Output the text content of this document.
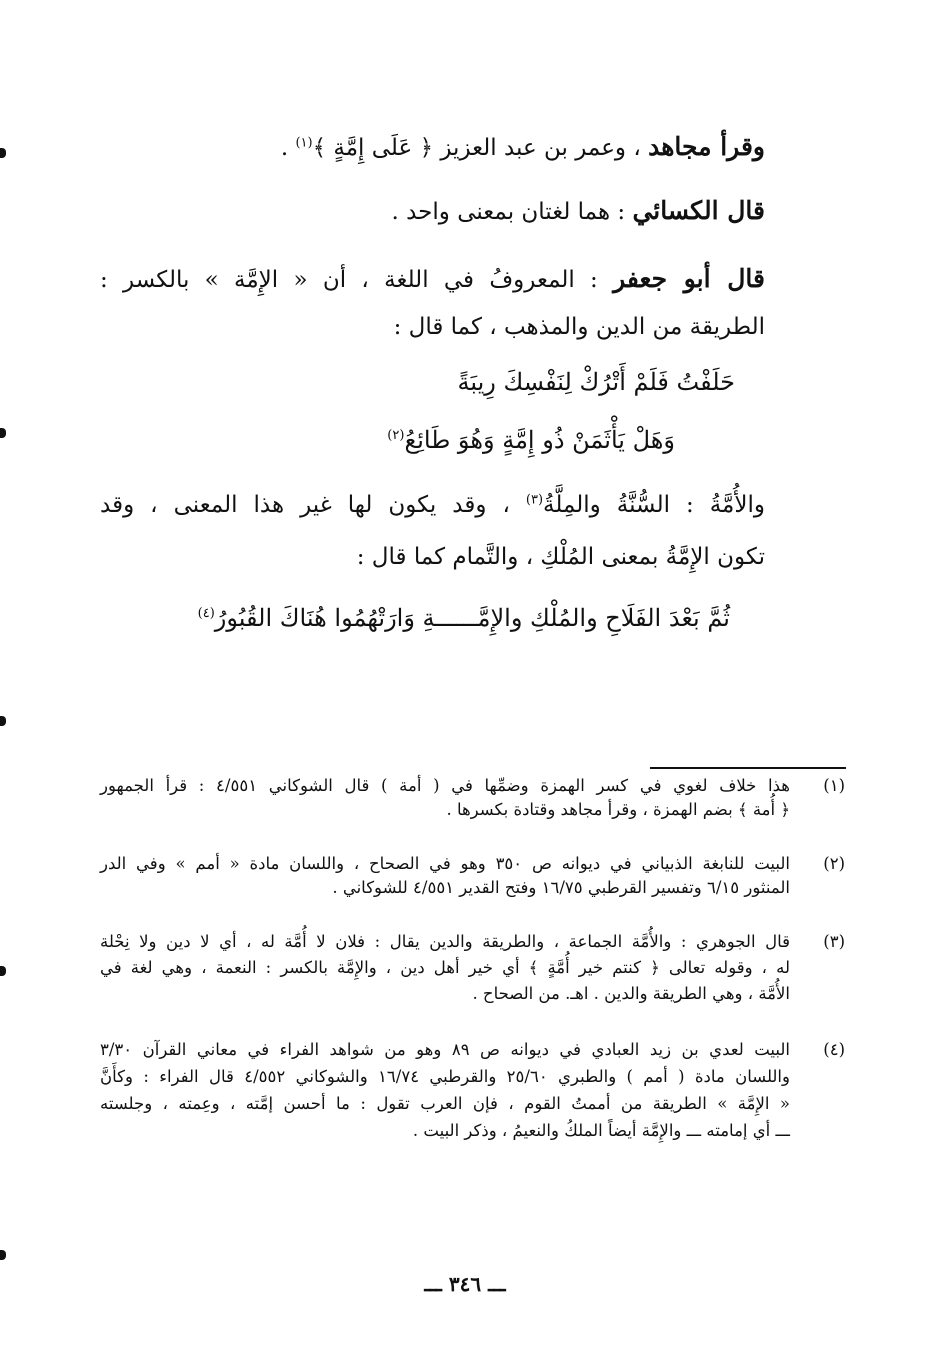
وقرأ مجاهد ، وعمر بن عبد العزيز ﴿ عَلَى إِمَّةٍ ﴾$^{(١)}$ .
قال الكسائي : هما لغتان بمعنى واحد .
قال أبو جعفر : المعروفُ في اللغة ، أن « الإِمَّة » بالكسر :
الطريقة من الدين والمذهب ، كما قال :
حَلَفْتُ فَلَمْ أَتْرُكْ لِنَفْسِكَ رِيبَةً
وَهَلْ يَأْثَمَنْ ذُو إِمَّةٍ وَهُوَ طَائِعُ$^{(٢)}$
والأُمَّةُ : السُّنَّةُ والمِلَّةُ$^{(٣)}$ ، وقد يكون لها غير هذا المعنى ، وقد
تكون الإِمَّةُ بمعنى المُلْكِ ، والتَّمام كما قال :
ثُمَّ بَعْدَ الفَلَاحِ والمُلْكِ والإِمَّــــــةِ وَارَتْهُمُوا هُنَاكَ القُبُورُ$^{(٤)}$
(١)
هذا خلاف لغوي في كسر الهمزة وضمِّها في ( أمة ) قال الشوكاني ٤/٥٥١ : قرأ الجمهور
﴿ أُمة ﴾ بضم الهمزة ، وقرأ مجاهد وقتادة بكسرها .
(٢)
البيت للنابغة الذبياني في ديوانه ص ٣٥٠ وهو في الصحاح ، واللسان مادة « أمم » وفي الدر
المنثور ٦/١٥ وتفسير القرطبي ١٦/٧٥ وفتح القدير ٤/٥٥١ للشوكاني .
(٣)
قال الجوهري : والأُمَّة الجماعة ، والطريقة والدين يقال : فلان لا أُمَّة له ، أي لا دين ولا نِحْلة
له ، وقوله تعالى ﴿ كنتم خير أُمَّةٍ ﴾ أي خير أهل دين ، والإِمَّة بالكسر : النعمة ، وهي لغة في
الأُمَّة ، وهي الطريقة والدين . اهـ. من الصحاح .
(٤)
البيت لعدي بن زيد العبادي في ديوانه ص ٨٩ وهو من شواهد الفراء في معاني القرآن ٣/٣٠
واللسان مادة ( أمم ) والطبري ٢٥/٦٠ والقرطبي ١٦/٧٤ والشوكاني ٤/٥٥٢ قال الفراء : وكأَنَّ
« الإِمَّة » الطريقة من أممتُ القوم ، فإن العرب تقول : ما أحسن إمَّته ، وعِمته ، وجلسته
ـــ أي إمامته ـــ والإِمَّة أيضاً الملكُ والنعيمُ ، وذكر البيت .
ـــ ٣٤٦ ـــ
